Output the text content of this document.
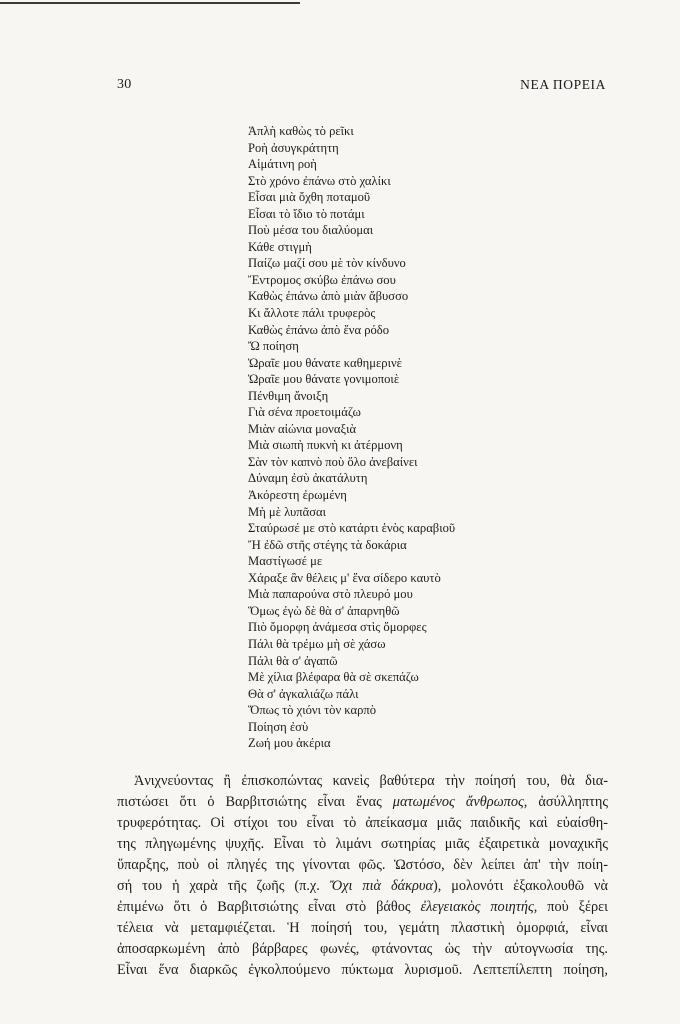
30	ΝΕΑ ΠΟΡΕΙΑ
Ἁπλὴ καθὼς τὸ ρεῖκι
Ροὴ ἀσυγκράτητη
Αἱμάτινη ροὴ
Στὸ χρόνο ἐπάνω στὸ χαλίκι
Εἶσαι μιὰ ὄχθη ποταμοῦ
Εἶσαι τὸ ἴδιο τὸ ποτάμι
Ποὺ μέσα του διαλύομαι
Κάθε στιγμὴ
Παίζω μαζί σου μὲ τὸν κίνδυνο
Ἔντρομος σκύβω ἐπάνω σου
Καθὼς ἐπάνω ἀπὸ μιὰν ἄβυσσο
Κι ἄλλοτε πάλι τρυφερὸς
Καθὼς ἐπάνω ἀπὸ ἕνα ρόδο
Ὤ ποίηση
Ὡραῖε μου θάνατε καθημερινὲ
Ὡραῖε μου θάνατε γονιμοποιὲ
Πένθιμη ἄνοιξη
Γιὰ σένα προετοιμάζω
Μιὰν αἰώνια μοναξιὰ
Μιὰ σιωπὴ πυκνὴ κι ἀτέρμονη
Σὰν τὸν καπνὸ ποὺ ὅλο ἀνεβαίνει
Δύναμη ἐσὺ ἀκατάλυτη
Ἀκόρεστη ἐρωμένη
Μὴ μὲ λυπᾶσαι
Σταύρωσέ με στὸ κατάρτι ἑνὸς καραβιοῦ
Ἤ ἐδῶ στῆς στέγης τὰ δοκάρια
Μαστίγωσέ με
Χάραξε ἂν θέλεις μ' ἕνα σίδερο καυτὸ
Μιὰ παπαρούνα στὸ πλευρό μου
Ὅμως ἐγὼ δὲ θὰ σ' ἀπαρνηθῶ
Πιὸ ὄμορφη ἀνάμεσα στὶς ὄμορφες
Πάλι θὰ τρέμω μὴ σὲ χάσω
Πάλι θὰ σ' ἀγαπῶ
Μὲ χίλια βλέφαρα θὰ σὲ σκεπάζω
Θὰ σ' ἀγκαλιάζω πάλι
Ὅπως τὸ χιόνι τὸν καρπὸ
Ποίηση ἐσὺ
Ζωή μου ἀκέρια
Ἀνιχνεύοντας ἢ ἐπισκοπώντας κανεὶς βαθύτερα τὴν ποίησή του, θὰ δια-
πιστώσει ὅτι ὁ Βαρβιτσιώτης εἶναι ἕνας ματωμένος ἄνθρωπος, ἀσύλληπτης
τρυφερότητας. Οἱ στίχοι του εἶναι τὸ ἀπείκασμα μιᾶς παιδικῆς καὶ εὐαίσθη-
της πληγωμένης ψυχῆς. Εἶναι τὸ λιμάνι σωτηρίας μιᾶς ἐξαιρετικὰ μοναχικῆς
ὕπαρξης, ποὺ οἱ πληγές της γίνονται φῶς. Ὡστόσο, δὲν λείπει ἀπ' τὴν ποίη-
σή του ἡ χαρὰ τῆς ζωῆς (π.χ. Ὄχι πιὰ δάκρυα), μολονότι ἐξακολουθῶ νὰ
ἐπιμένω ὅτι ὁ Βαρβιτσιώτης εἶναι στὸ βάθος ἐλεγειακὸς ποιητής, ποὺ ξέρει
τέλεια νὰ μεταμφιέζεται. Ἡ ποίησή του, γεμάτη πλαστικὴ ὀμορφιά, εἶναι
ἀποσαρκωμένη ἀπὸ βάρβαρες φωνές, φτάνοντας ὡς τὴν αὐτογνωσία της.
Εἶναι ἕνα διαρκῶς ἐγκολπούμενο πύκτωμα λυρισμοῦ. Λεπτεπίλεπτη ποίηση,
